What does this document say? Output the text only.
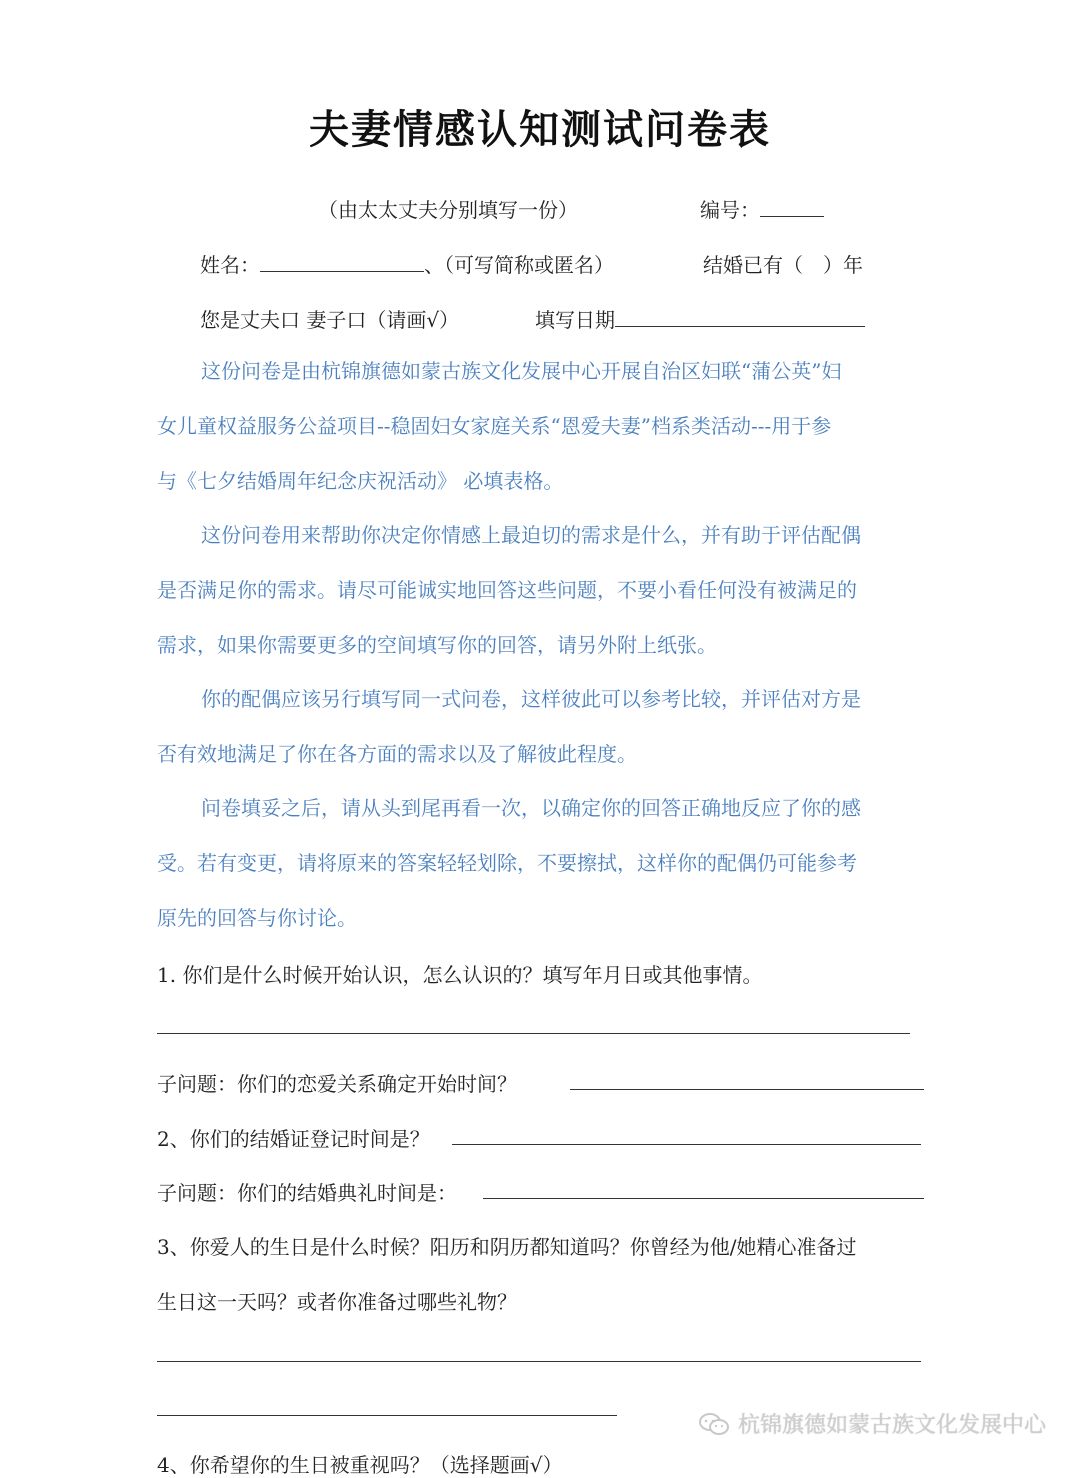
夫妻情感认知测试问卷表
（由太太丈夫分别填写一份）	编号：
姓名：	、（可写简称或匿名）	结婚已有（　）年
您是丈夫口 妻子口（请画√）	填写日期
这份问卷是由杭锦旗德如蒙古族文化发展中心开展自治区妇联“蒲公英”妇
女儿童权益服务公益项目--稳固妇女家庭关系“恩爱夫妻”档系类活动---用于参
与《七夕结婚周年纪念庆祝活动》 必填表格。
这份问卷用来帮助你决定你情感上最迫切的需求是什么，并有助于评估配偶
是否满足你的需求。请尽可能诚实地回答这些问题，不要小看任何没有被满足的
需求，如果你需要更多的空间填写你的回答，请另外附上纸张。
你的配偶应该另行填写同一式问卷，这样彼此可以参考比较，并评估对方是
否有效地满足了你在各方面的需求以及了解彼此程度。
问卷填妥之后，请从头到尾再看一次，以确定你的回答正确地反应了你的感
受。若有变更，请将原来的答案轻轻划除，不要擦拭，这样你的配偶仍可能参考
原先的回答与你讨论。
1. 你们是什么时候开始认识，怎么认识的？填写年月日或其他事情。
子问题：你们的恋爱关系确定开始时间？
2、你们的结婚证登记时间是？
子问题：你们的结婚典礼时间是：
3、你爱人的生日是什么时候？阳历和阴历都知道吗？你曾经为他/她精心准备过
生日这一天吗？或者你准备过哪些礼物？
4、你希望你的生日被重视吗？（选择题画√）
杭锦旗德如蒙古族文化发展中心
